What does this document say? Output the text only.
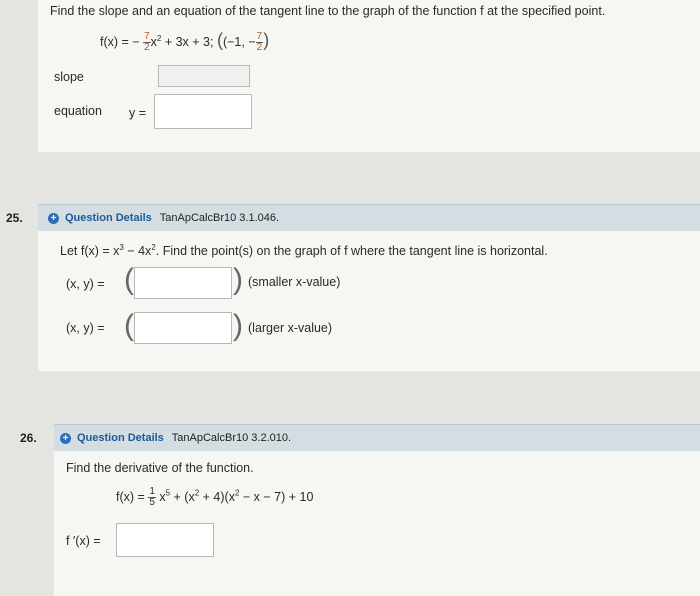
Find the slope and an equation of the tangent line to the graph of the function f at the specified point.
f(x) = − $\frac{7}{2} x^2 + 3x + 3$; ((−1, − $\frac{7}{2}$ )
slope
equation y =
25.	+ Question Details TanApCalcBr10 3.1.046.
Let $f(x) = x^3 - 4x^2$. Find the point(s) on the graph of f where the tangent line is horizontal.
(x, y) = (	) (smaller x-value)
(x, y) = (	) (larger x-value)
26.	+ Question Details TanApCalcBr10 3.2.010.
Find the derivative of the function.
$f(x) = \frac{1}{5} x^5 + (x^2 + 4)(x^2 - x - 7) + 10$
f ′(x) =
